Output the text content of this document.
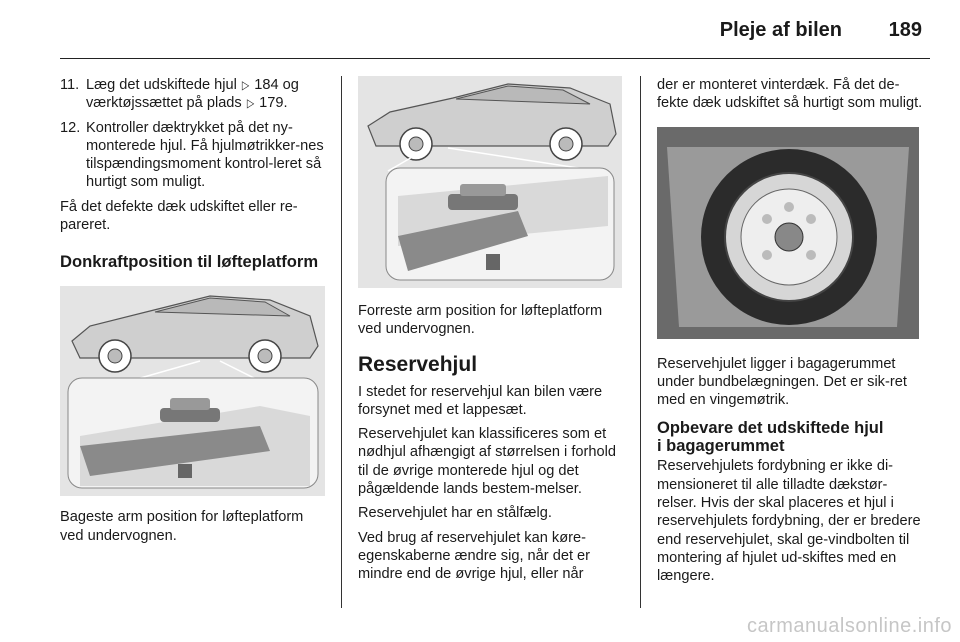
Pleje af bilen 189
11. Læg det udskiftede hjul ▷ 184 og værktøjssættet på plads ▷ 179.
12. Kontroller dæktrykket på det ny-monterede hjul. Få hjulmøtrikker-nes tilspændingsmoment kontrol-leret så hurtigt som muligt.

Få det defekte dæk udskiftet eller re-pareret.

Donkraftposition til løfteplatform

Bageste arm position for løfteplatform ved undervognen.

Forreste arm position for løfteplatform ved undervognen.

Reservehjul

I stedet for reservehjul kan bilen være forsynet med et lappesæt.

Reservehjulet kan klassificeres som et nødhjul afhængigt af størrelsen i forhold til de øvrige monterede hjul og det pågældende lands bestem-melser.

Reservehjulet har en stålfælg.

Ved brug af reservehjulet kan køre-egenskaberne ændre sig, når det er mindre end de øvrige hjul, eller når

der er monteret vinterdæk. Få det de-fekte dæk udskiftet så hurtigt som muligt.

Reservehjulet ligger i bagagerummet under bundbelægningen. Det er sik-ret med en vingemøtrik.

Opbevare det udskiftede hjul
i bagagerummet

Reservehjulets fordybning er ikke di-mensioneret til alle tilladte dækstør-relser. Hvis der skal placeres et hjul i reservehjulets fordybning, der er bredere end reservehjulet, skal ge-vindbolten til montering af hjulet ud-skiftes med en længere.

carmanualsonline.info
